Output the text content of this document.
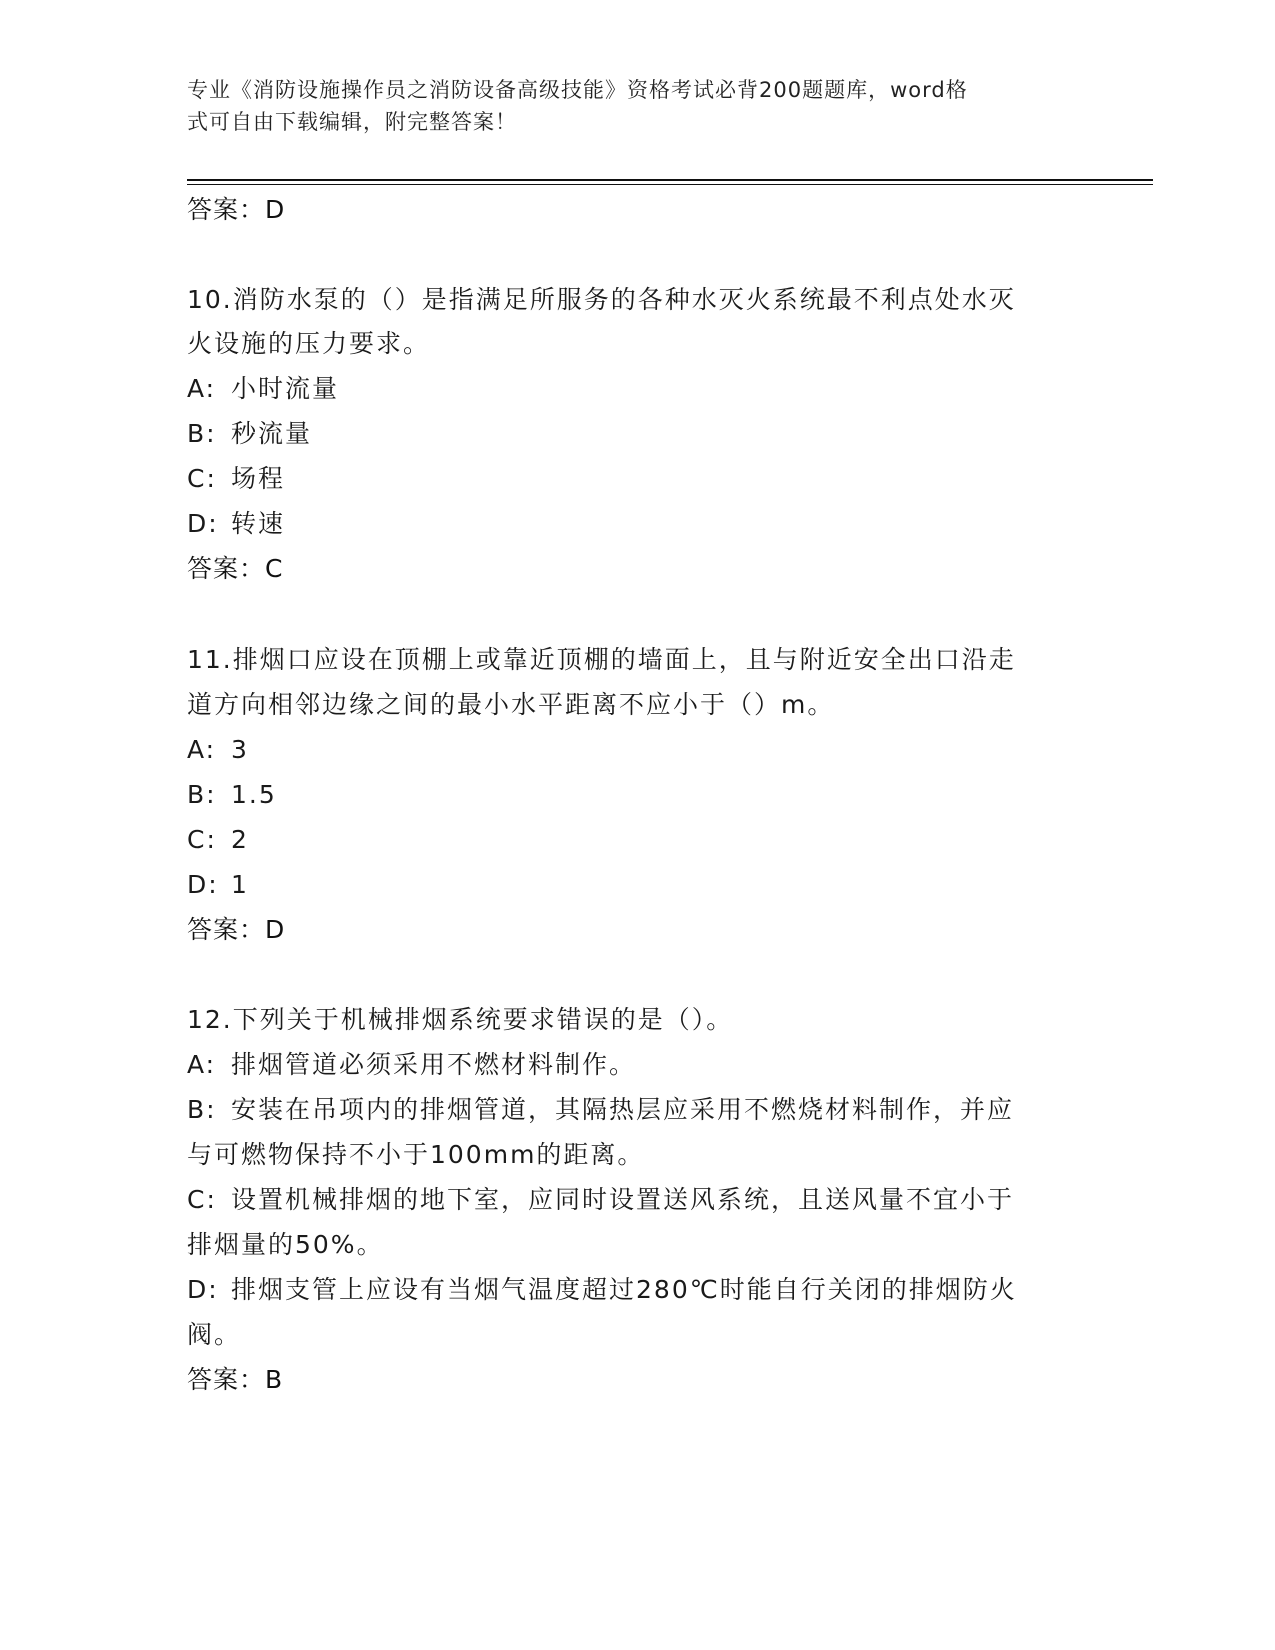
专业《消防设施操作员之消防设备高级技能》资格考试必背200题题库，word格
式可自由下载编辑，附完整答案！
答案：D
10.消防水泵的（）是指满足所服务的各种水灭火系统最不利点处水灭
火设施的压力要求。
A: 小时流量
B: 秒流量
C: 场程
D: 转速
答案：C
11.排烟口应设在顶棚上或靠近顶棚的墙面上，且与附近安全出口沿走
道方向相邻边缘之间的最小水平距离不应小于（）m。
A: 3
B: 1.5
C: 2
D: 1
答案：D
12.下列关于机械排烟系统要求错误的是（）。
A: 排烟管道必须采用不燃材料制作。
B: 安装在吊项内的排烟管道，其隔热层应采用不燃烧材料制作，并应
与可燃物保持不小于100mm的距离。
C: 设置机械排烟的地下室，应同时设置送风系统，且送风量不宜小于
排烟量的50%。
D: 排烟支管上应设有当烟气温度超过280℃时能自行关闭的排烟防火
阀。
答案：B
